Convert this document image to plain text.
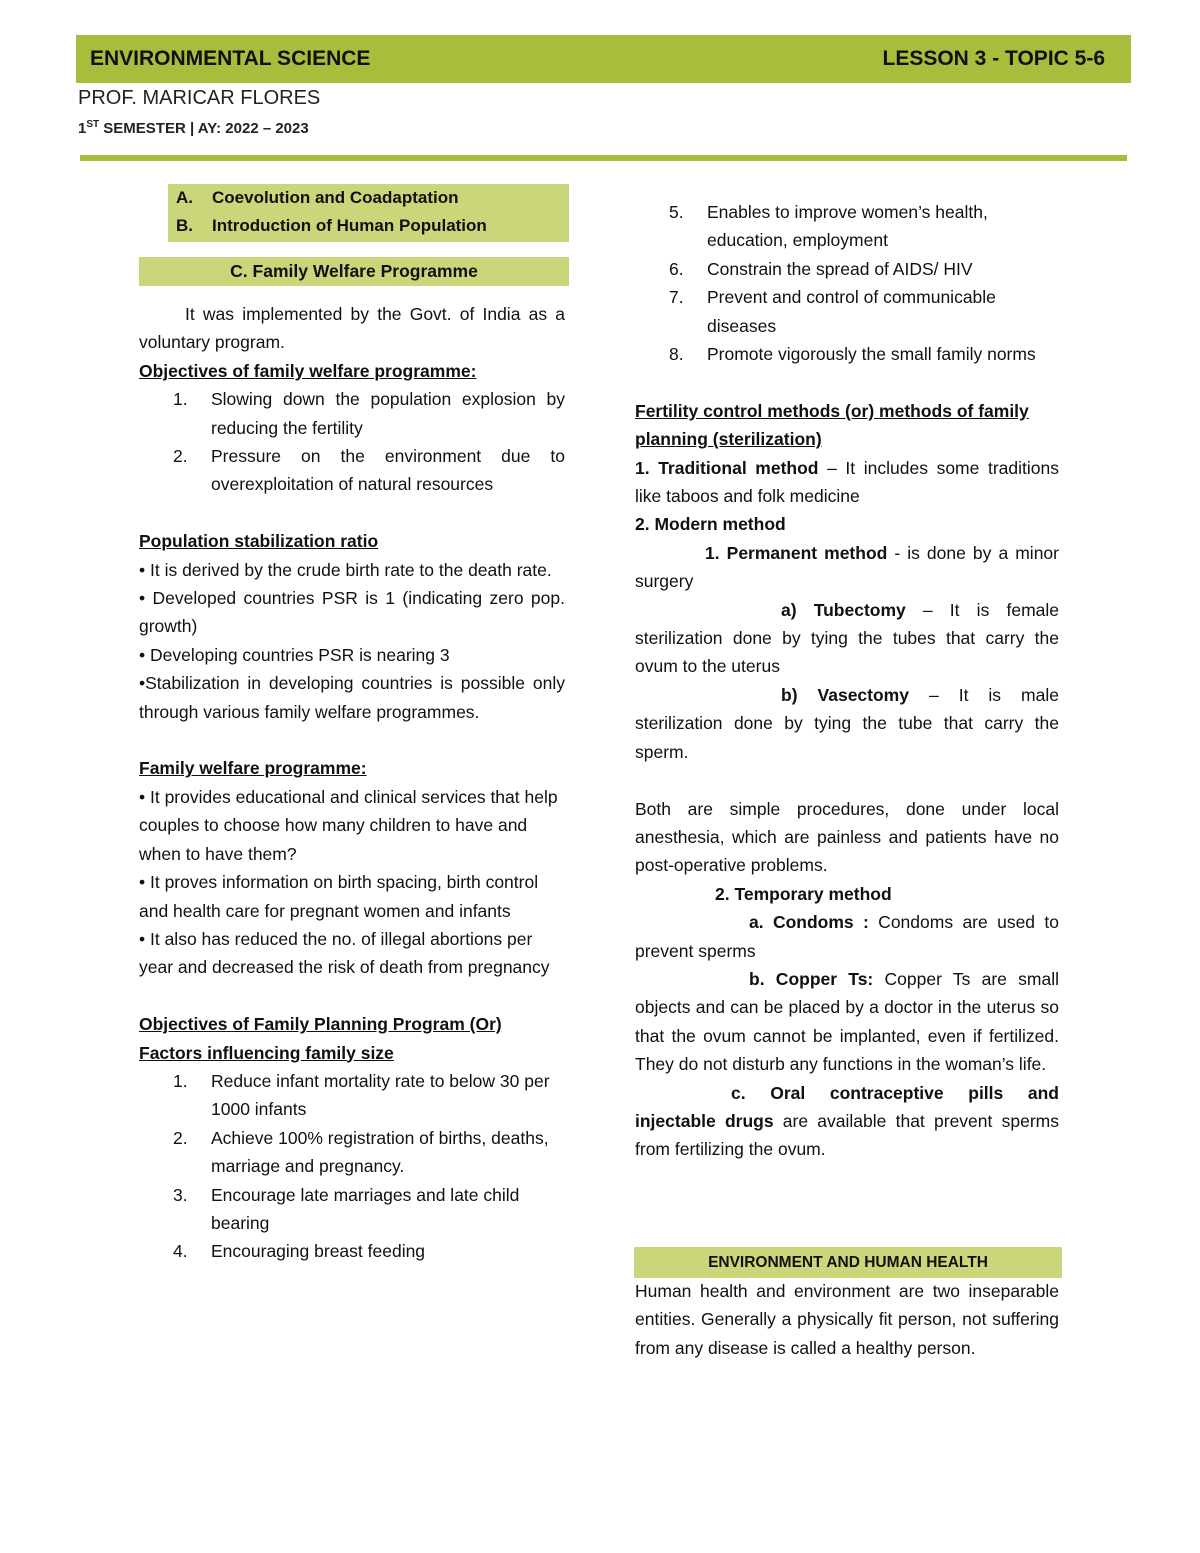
ENVIRONMENTAL SCIENCE	LESSON 3 - TOPIC 5-6
PROF. MARICAR FLORES
1ST SEMESTER | AY: 2022 – 2023
A. Coevolution and Coadaptation
B. Introduction of Human Population
C. Family Welfare Programme

It was implemented by the Govt. of India as a voluntary program.

Objectives of family welfare programme:

1. Slowing down the population explosion by reducing the fertility
2. Pressure on the environment due to overexploitation of natural resources

Population stabilization ratio

• It is derived by the crude birth rate to the death rate.

• Developed countries PSR is 1 (indicating zero pop. growth)

• Developing countries PSR is nearing 3

•Stabilization in developing countries is possible only through various family welfare programmes.

Family welfare programme:

• It provides educational and clinical services that help couples to choose how many children to have and when to have them?

• It proves information on birth spacing, birth control and health care for pregnant women and infants

• It also has reduced the no. of illegal abortions per year and decreased the risk of death from pregnancy

Objectives of Family Planning Program (Or)

Factors influencing family size

1. Reduce infant mortality rate to below 30 per 1000 infants
2. Achieve 100% registration of births, deaths, marriage and pregnancy.
3. Encourage late marriages and late child bearing
4. Encouraging breast feeding
5. Enables to improve women’s health, education, employment
6. Constrain the spread of AIDS/ HIV
7. Prevent and control of communicable diseases
8. Promote vigorously the small family norms

Fertility control methods (or) methods of family planning (sterilization)

1. Traditional method – It includes some traditions like taboos and folk medicine

2. Modern method

1. Permanent method - is done by a minor surgery

a) Tubectomy – It is female sterilization done by tying the tubes that carry the ovum to the uterus

b) Vasectomy – It is male sterilization done by tying the tube that carry the sperm.

Both are simple procedures, done under local anesthesia, which are painless and patients have no post-operative problems.

2. Temporary method

a. Condoms : Condoms are used to prevent sperms

b. Copper Ts: Copper Ts are small objects and can be placed by a doctor in the uterus so that the ovum cannot be implanted, even if fertilized. They do not disturb any functions in the woman’s life.

c. Oral contraceptive pills and injectable drugs are available that prevent sperms from fertilizing the ovum.

ENVIRONMENT AND HUMAN HEALTH

Human health and environment are two inseparable entities. Generally a physically fit person, not suffering from any disease is called a healthy person.
